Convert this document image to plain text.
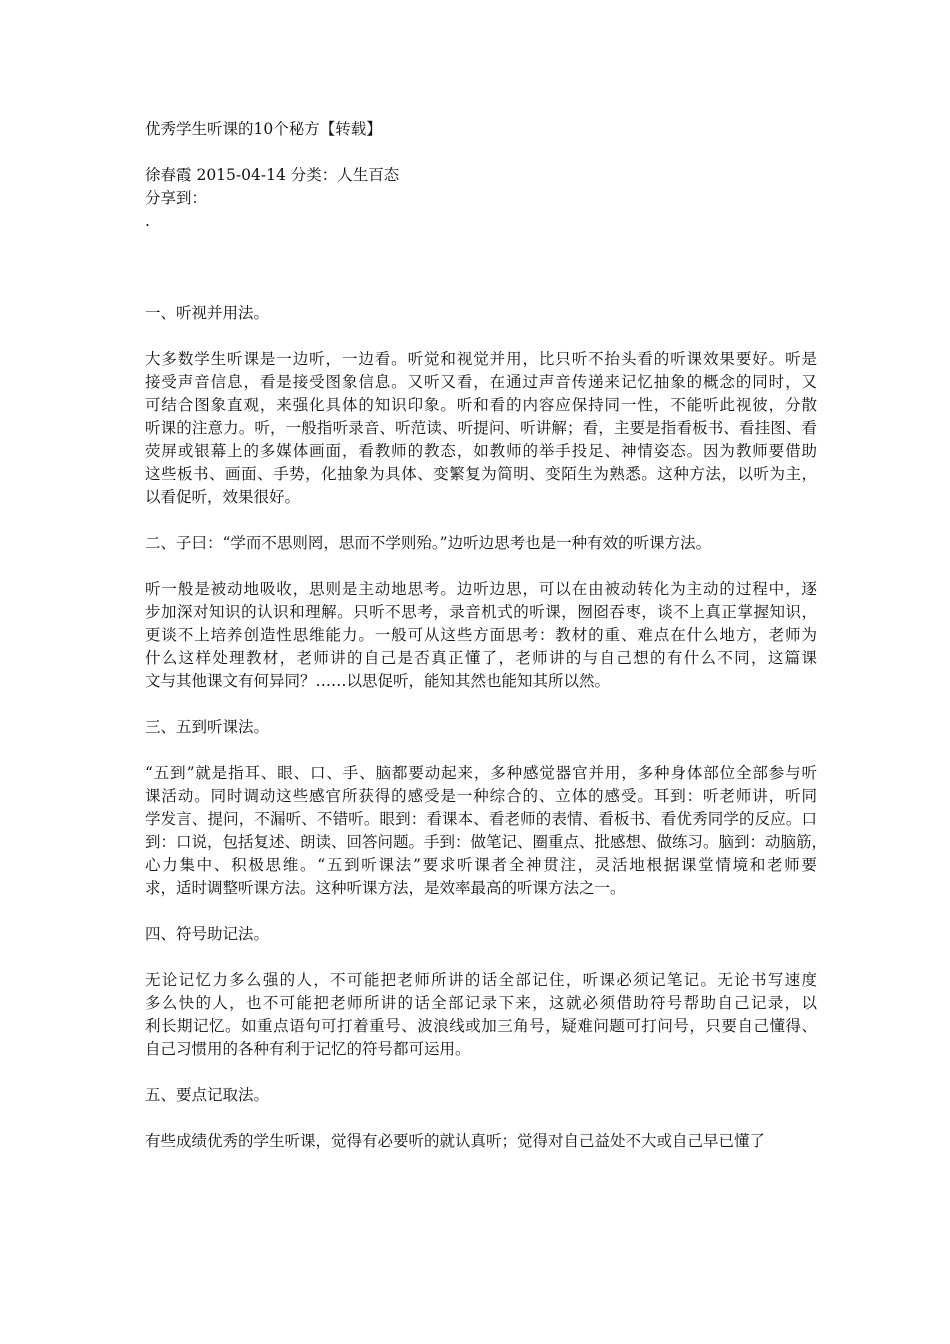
优秀学生听课的10个秘方【转载】
徐春霞 2015-04-14 分类：人生百态
分享到：
.
一、听视并用法。
大多数学生听课是一边听，一边看。听觉和视觉并用，比只听不抬头看的听课效果要好。听是
接受声音信息，看是接受图象信息。又听又看，在通过声音传递来记忆抽象的概念的同时，又
可结合图象直观，来强化具体的知识印象。听和看的内容应保持同一性，不能听此视彼，分散
听课的注意力。听，一般指听录音、听范读、听提问、听讲解；看，主要是指看板书、看挂图、看
荧屏或银幕上的多媒体画面，看教师的教态，如教师的举手投足、神情姿态。因为教师要借助
这些板书、画面、手势，化抽象为具体、变繁复为简明、变陌生为熟悉。这种方法，以听为主，
以看促听，效果很好。
二、子曰：“学而不思则罔，思而不学则殆。”边听边思考也是一种有效的听课方法。
听一般是被动地吸收，思则是主动地思考。边听边思，可以在由被动转化为主动的过程中，逐
步加深对知识的认识和理解。只听不思考，录音机式的听课，囫囵吞枣，谈不上真正掌握知识，
更谈不上培养创造性思维能力。一般可从这些方面思考：教材的重、难点在什么地方，老师为
什么这样处理教材，老师讲的自己是否真正懂了，老师讲的与自己想的有什么不同，这篇课
文与其他课文有何异同？……以思促听，能知其然也能知其所以然。
三、五到听课法。
“五到”就是指耳、眼、口、手、脑都要动起来，多种感觉器官并用，多种身体部位全部参与听
课活动。同时调动这些感官所获得的感受是一种综合的、立体的感受。耳到：听老师讲，听同
学发言、提问，不漏听、不错听。眼到：看课本、看老师的表情、看板书、看优秀同学的反应。口
到：口说，包括复述、朗读、回答问题。手到：做笔记、圈重点、批感想、做练习。脑到：动脑筋，
心力集中、积极思维。“五到听课法”要求听课者全神贯注，灵活地根据课堂情境和老师要
求，适时调整听课方法。这种听课方法，是效率最高的听课方法之一。
四、符号助记法。
无论记忆力多么强的人，不可能把老师所讲的话全部记住，听课必须记笔记。无论书写速度
多么快的人，也不可能把老师所讲的话全部记录下来，这就必须借助符号帮助自己记录，以
利长期记忆。如重点语句可打着重号、波浪线或加三角号，疑难问题可打问号，只要自己懂得、
自己习惯用的各种有利于记忆的符号都可运用。
五、要点记取法。
有些成绩优秀的学生听课，觉得有必要听的就认真听；觉得对自己益处不大或自己早已懂了
